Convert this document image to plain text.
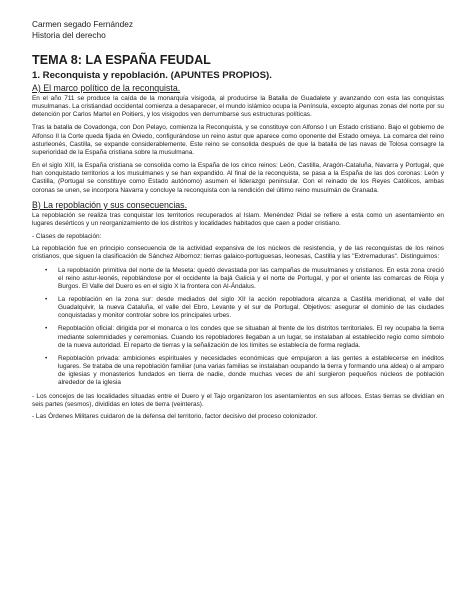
Carmen segado Fernández

Historia del derecho

TEMA 8: LA ESPAÑA FEUDAL
1. Reconquista y repoblación. (APUNTES PROPIOS).
A) El marco político de la reconquista.

En el año 711 se produce la caída de la monarquía visigoda, al producirse la Batalla de Guadalete y avanzando con esta las conquistas musulmanas. La cristiandad occidental comienza a desaparecer, el mundo islámico ocupa la Península, excepto algunas zonas del norte por su detención por Carlos Martel en Poitiers, y los visigodos ven derrumbarse sus estructuras políticas.

Tras la batalla de Covadonga, con Don Pelayo, comienza la Reconquista, y se constituye con Alfonso I un Estado cristiano. Bajo el gobierno de Alfonso II la Corte queda fijada en Oviedo, configurándose un reino astur que aparece como oponente del Estado omeya. La comarca del reino asturleonés, Castilla, se expande considerablemente. Este reino se consolida después de que la batalla de las navas de Tolosa consagre la superioridad de la España cristiana sobre la musulmana.

En el siglo XIII, la España cristiana se consolida como la España de los cinco reinos: León, Castilla, Aragón-Cataluña, Navarra y Portugal, que han conquistado territorios a los musulmanes y se han expandido. Al final de la reconquista, se pasa a la España de las dos coronas: León y Castilla, (Portugal se constituye como Estado autónomo) asumen el liderazgo peninsular. Con el reinado de los Reyes Católicos, ambas coronas se unen, se incorpora Navarra y concluye la reconquista con la rendición del último reino musulmán de Granada.

B) La repoblación y sus consecuencias.

La repoblación se realiza tras conquistar los territorios recuperados al Islam. Menéndez Pidal se refiere a esta como un asentamiento en lugares desérticos y un reorganizamiento de los distritos y localidades habitados que caen a poder cristiano.

- Clases de repoblación:

La repoblación fue en principio consecuencia de la actividad expansiva de los núcleos de resistencia, y de las reconquistas de los reinos cristianos, que siguen la clasificación de Sánchez Albornoz: tierras galaico-portuguesas, leonesas, Castilla y las "Extremaduras". Distinguimos:

• La repoblación primitiva del norte de la Meseta: quedó devastada por las campañas de musulmanes y cristianos. En esta zona creció el reino astur-leonés, repoblándose por el occidente la bajá Galicia y el norte de Portugal, y por el oriente las comarcas de Rioja y Burgos. El Valle del Duero es en el siglo X la frontera con Al-Ándalus.
• La repoblación en la zona sur: desde mediados del siglo XII la acción repobladora alcanza a Castilla meridional, el valle del Guadalquivir, la nueva Cataluña, el valle del Ebro, Levante y el sur de Portugal. Objetivos: asegurar el dominio de las ciudades conquistadas y monitor controlar sobre los principales urbes.
• Repoblación oficial: dirigida por el monarca o los condes que se situaban al frente de los distritos territoriales. El rey ocupaba la tierra mediante solemnidades y ceremonias. Cuando los repobladores llegaban a un lugar, se instalaban al establecido regio como símbolo de la nueva autoridad. El reparto de tierras y la señalización de los límites se establecía de forma reglada.
• Repoblación privada: ambiciones espirituales y necesidades económicas que empujaron a las gentes a establecerse en inéditos lugares. Se trataba de una repoblación familiar (una varias familias se instalaban ocupando la tierra y formando una aldea) o al amparo de iglesias y monasterios fundados en tierra de nadie, donde muchas veces de ahí surgieron pequeños núcleos de población alrededor de la iglesia

- Los concejos de las localidades situadas entre el Duero y el Tajo organizaron los asentamientos en sus alfoces. Estas tierras se dividían en seis partes (sesmos), divididas en lotes de tierra (veinteras).

- Las Órdenes Militares cuidaron de la defensa del territorio, factor decisivo del proceso colonizador.
